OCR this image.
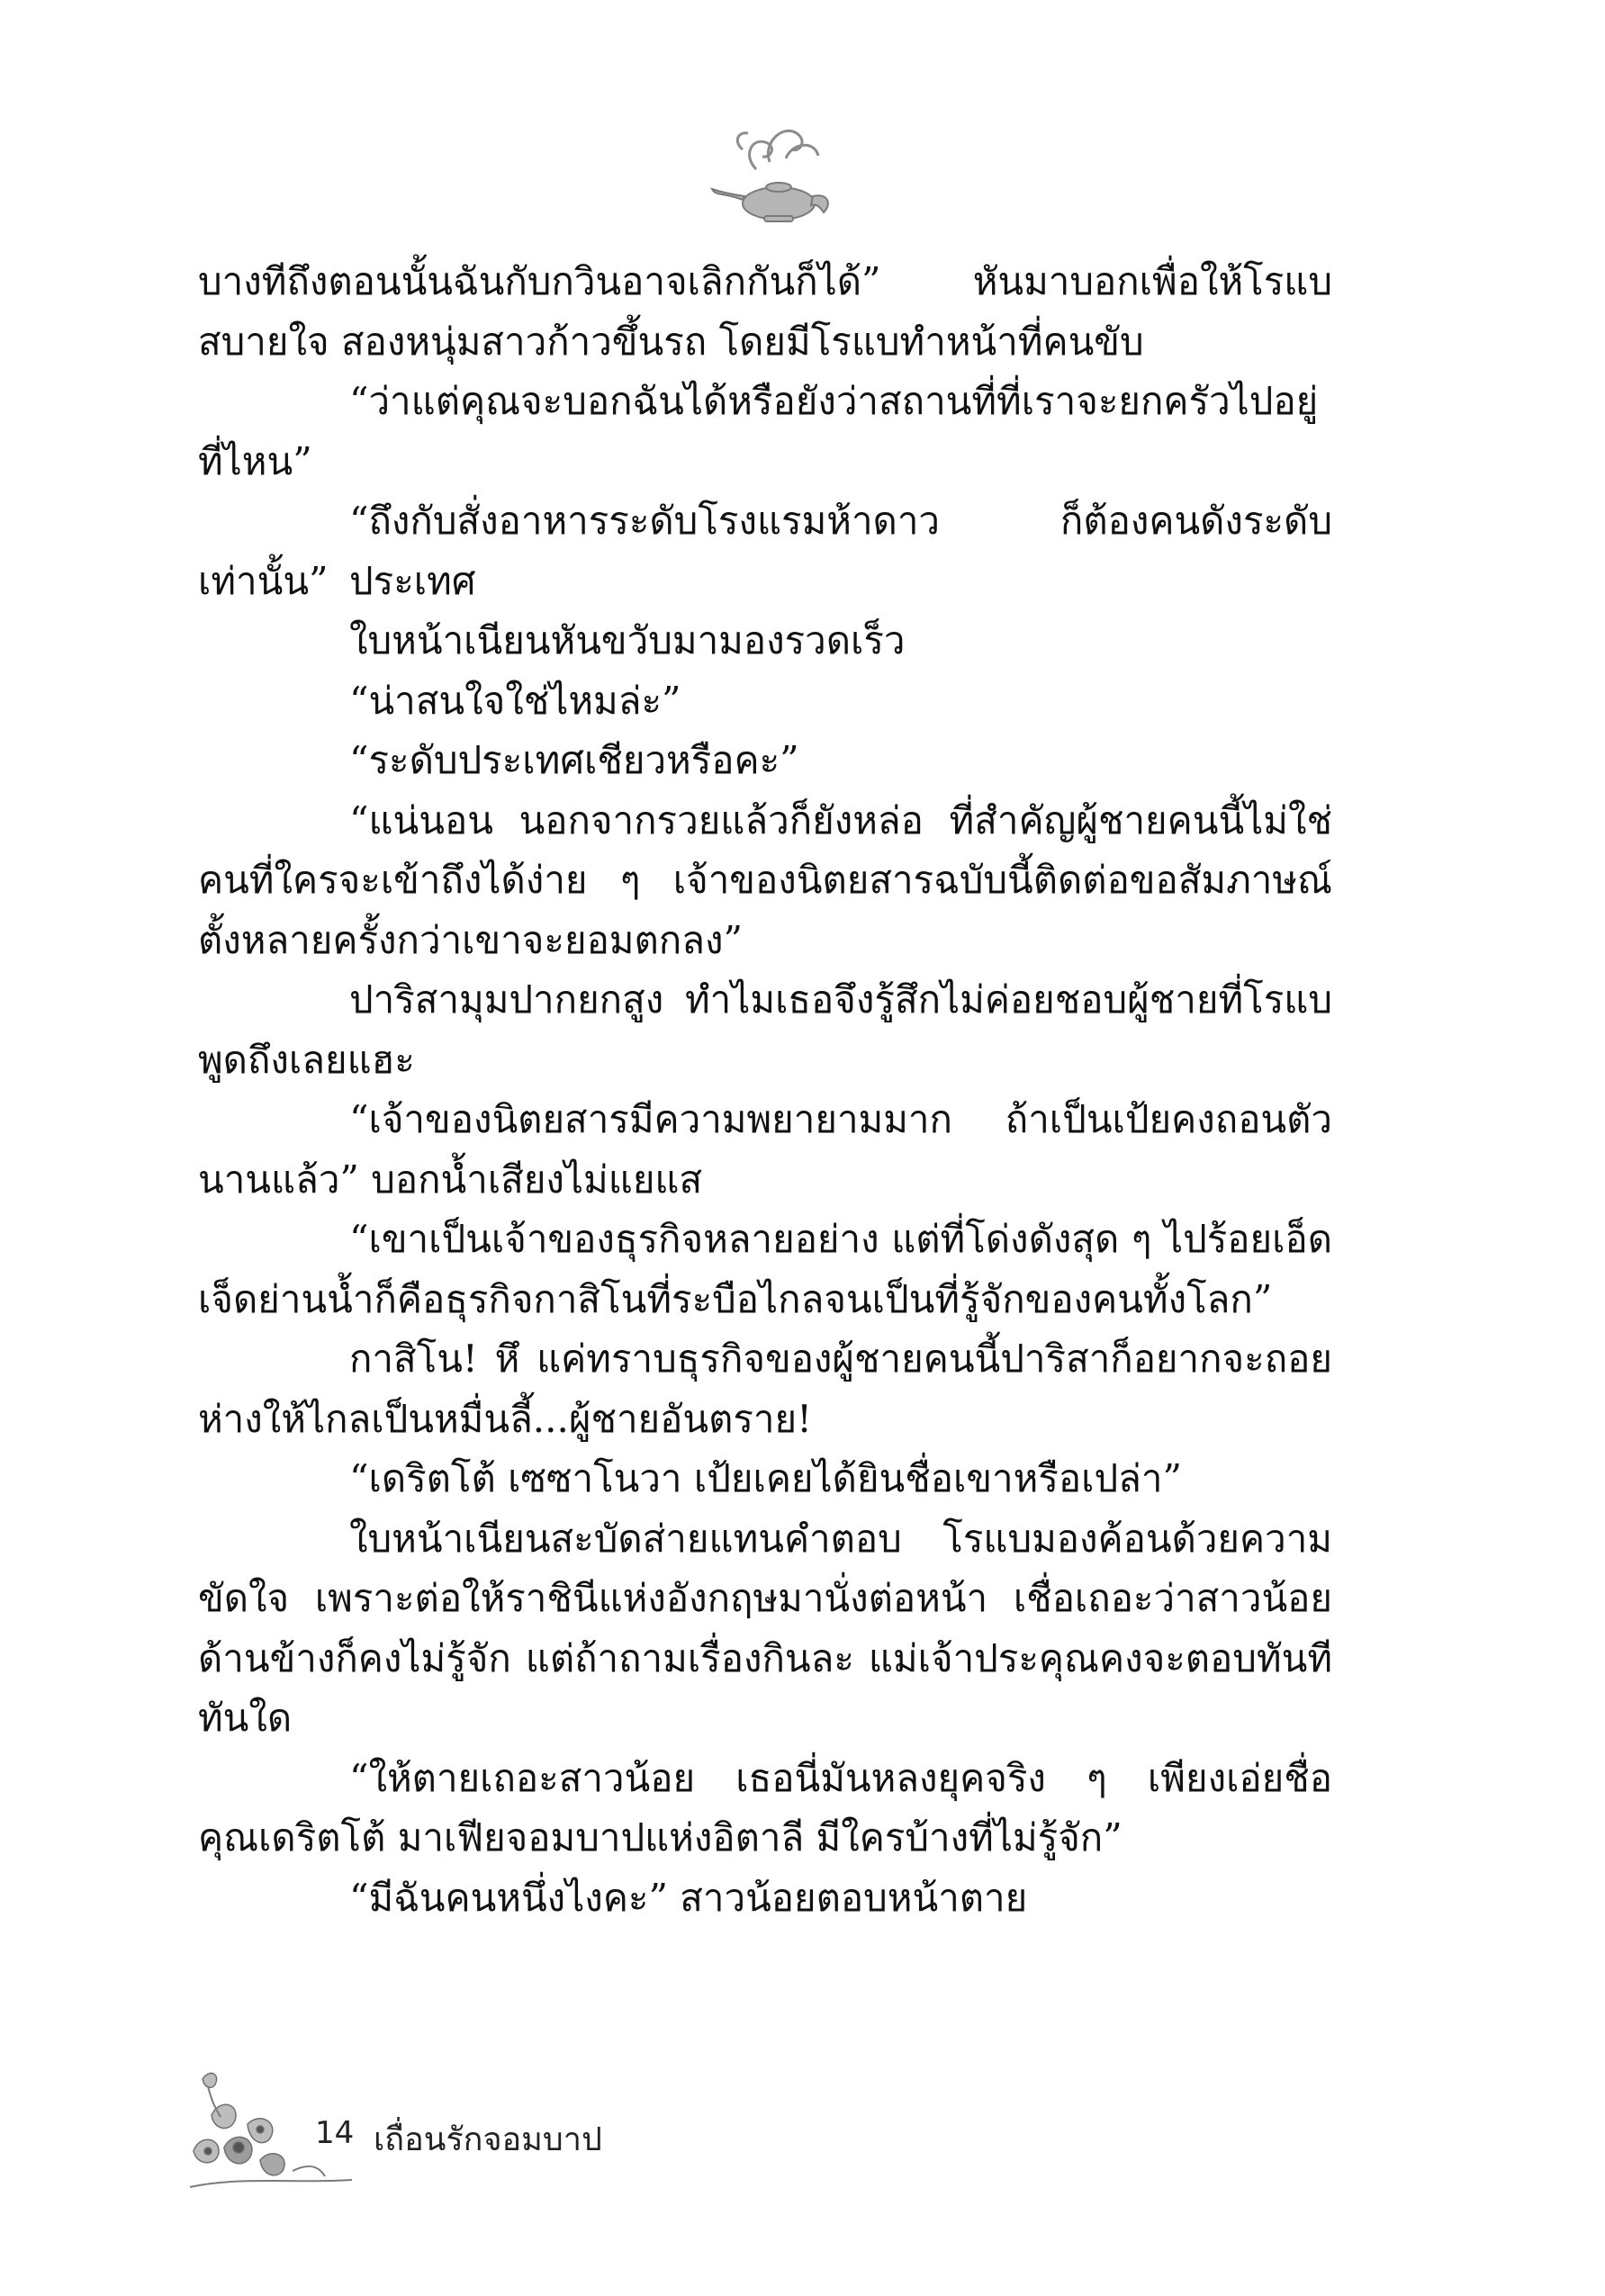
บางทีถึงตอนนั้นฉันกับกวินอาจเลิกกันก็ได้” หันมาบอกเพื่อให้โรแบ
สบายใจ สองหนุ่มสาวก้าวขึ้นรถ โดยมีโรแบทำหน้าที่คนขับ
“ว่าแต่คุณจะบอกฉันได้หรือยังว่าสถานที่ที่เราจะยกครัวไปอยู่
ที่ไหน”
“ถึงกับสั่งอาหารระดับโรงแรมห้าดาว ก็ต้องคนดังระดับประเทศ
เท่านั้น”
ใบหน้าเนียนหันขวับมามองรวดเร็ว
“น่าสนใจใช่ไหมล่ะ”
“ระดับประเทศเชียวหรือคะ”
“แน่นอน นอกจากรวยแล้วก็ยังหล่อ ที่สำคัญผู้ชายคนนี้ไม่ใช่
คนที่ใครจะเข้าถึงได้ง่าย ๆ เจ้าของนิตยสารฉบับนี้ติดต่อขอสัมภาษณ์
ตั้งหลายครั้งกว่าเขาจะยอมตกลง”
ปาริสามุมปากยกสูง ทำไมเธอจึงรู้สึกไม่ค่อยชอบผู้ชายที่โรแบ
พูดถึงเลยแฮะ
“เจ้าของนิตยสารมีความพยายามมาก ถ้าเป็นเป้ยคงถอนตัว
นานแล้ว” บอกน้ำเสียงไม่แยแส
“เขาเป็นเจ้าของธุรกิจหลายอย่าง แต่ที่โด่งดังสุด ๆ ไปร้อยเอ็ด
เจ็ดย่านน้ำก็คือธุรกิจกาสิโนที่ระบือไกลจนเป็นที่รู้จักของคนทั้งโลก”
กาสิโน! หึ แค่ทราบธุรกิจของผู้ชายคนนี้ปาริสาก็อยากจะถอย
ห่างให้ไกลเป็นหมื่นลี้...ผู้ชายอันตราย!
“เดริตโต้ เซซาโนวา เป้ยเคยได้ยินชื่อเขาหรือเปล่า”
ใบหน้าเนียนสะบัดส่ายแทนคำตอบ โรแบมองค้อนด้วยความ
ขัดใจ เพราะต่อให้ราชินีแห่งอังกฤษมานั่งต่อหน้า เชื่อเถอะว่าสาวน้อย
ด้านข้างก็คงไม่รู้จัก แต่ถ้าถามเรื่องกินละ แม่เจ้าประคุณคงจะตอบทันที
ทันใด
“ให้ตายเถอะสาวน้อย เธอนี่มันหลงยุคจริง ๆ เพียงเอ่ยชื่อ
คุณเดริตโต้ มาเฟียจอมบาปแห่งอิตาลี มีใครบ้างที่ไม่รู้จัก”
“มีฉันคนหนึ่งไงคะ” สาวน้อยตอบหน้าตาย
14 เถื่อนรักจอมบาป
